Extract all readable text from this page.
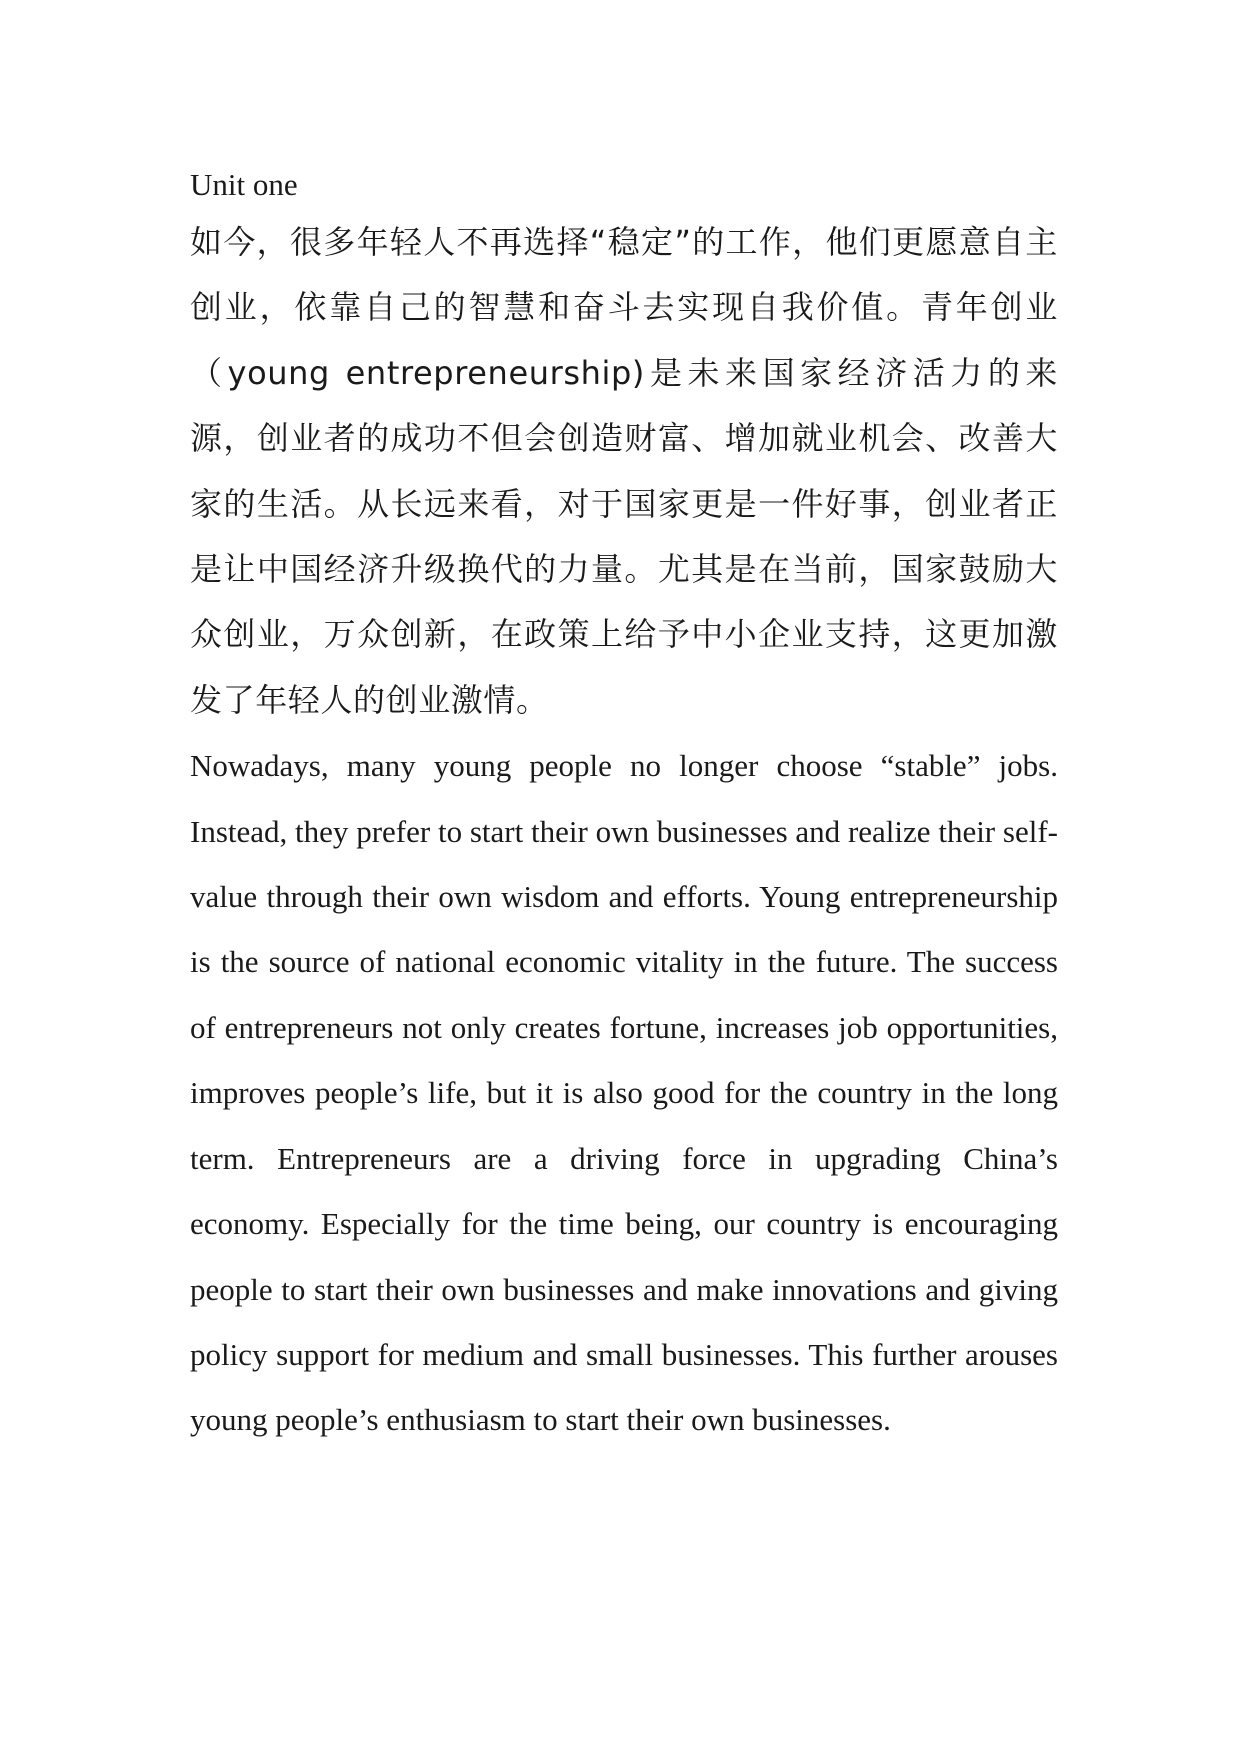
Unit one

如今，很多年轻人不再选择“稳定”的工作，他们更愿意自主创业，依靠自己的智慧和奋斗去实现自我价值。青年创业（young entrepreneurship)是未来国家经济活力的来源，创业者的成功不但会创造财富、增加就业机会、改善大家的生活。从长远来看，对于国家更是一件好事，创业者正是让中国经济升级换代的力量。尤其是在当前，国家鼓励大众创业，万众创新，在政策上给予中小企业支持，这更加激发了年轻人的创业激情。

Nowadays, many young people no longer choose “stable” jobs. Instead, they prefer to start their own businesses and realize their self-value through their own wisdom and efforts. Young entrepreneurship is the source of national economic vitality in the future. The success of entrepreneurs not only creates fortune, increases job opportunities, improves people’s life, but it is also good for the country in the long term. Entrepreneurs are a driving force in upgrading China’s economy. Especially for the time being, our country is encouraging people to start their own businesses and make innovations and giving policy support for medium and small businesses. This further arouses young people’s enthusiasm to start their own businesses.
